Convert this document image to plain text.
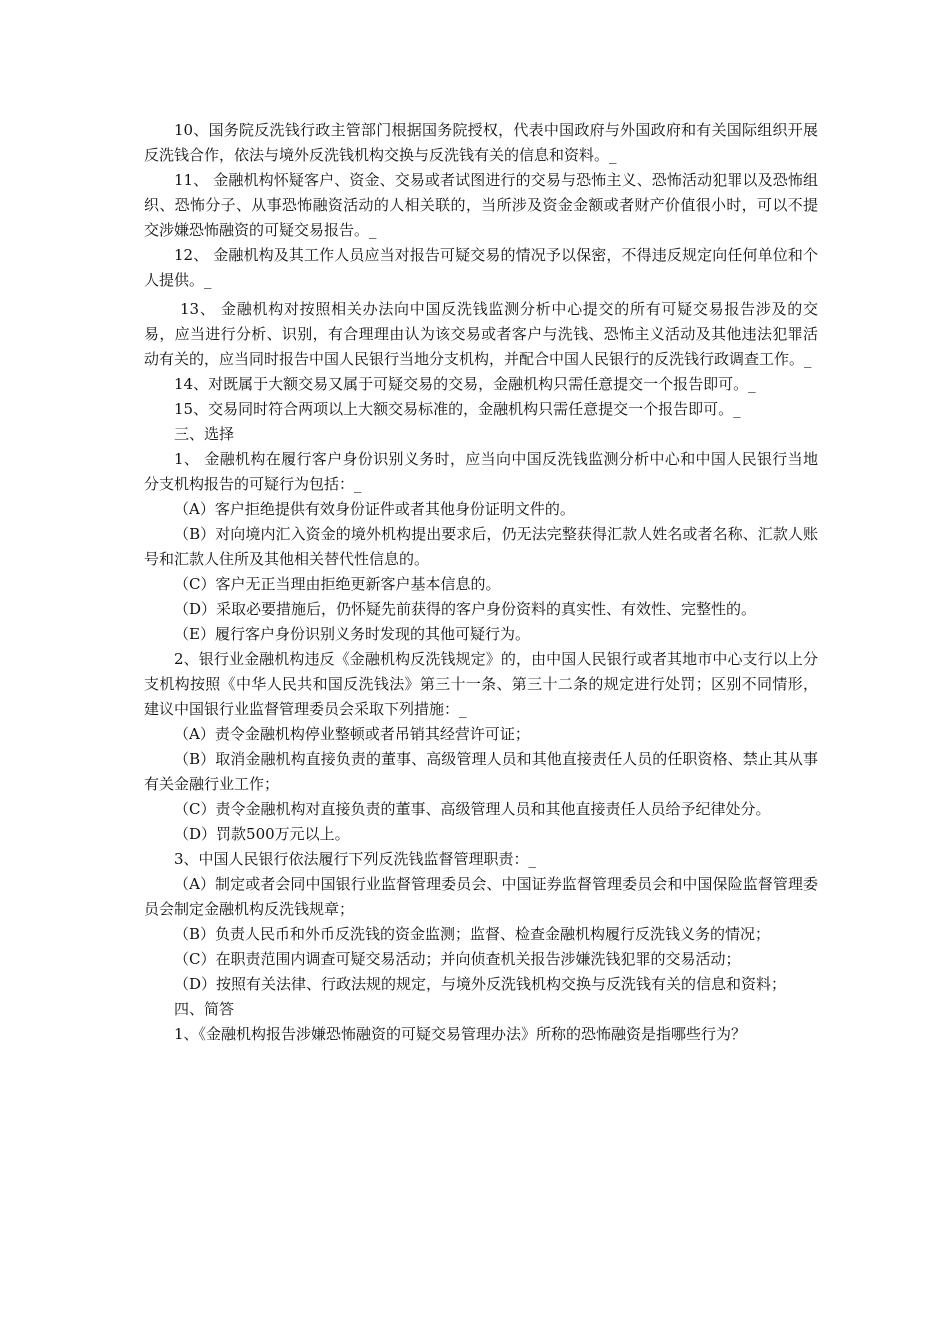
10、国务院反洗钱行政主管部门根据国务院授权，代表中国政府与外国政府和有关国际组织开展反洗钱合作，依法与境外反洗钱机构交换与反洗钱有关的信息和资料。_

11、 金融机构怀疑客户、资金、交易或者试图进行的交易与恐怖主义、恐怖活动犯罪以及恐怖组织、恐怖分子、从事恐怖融资活动的人相关联的，当所涉及资金金额或者财产价值很小时，可以不提交涉嫌恐怖融资的可疑交易报告。_

12、 金融机构及其工作人员应当对报告可疑交易的情况予以保密，不得违反规定向任何单位和个人提供。_

13、 金融机构对按照相关办法向中国反洗钱监测分析中心提交的所有可疑交易报告涉及的交易，应当进行分析、识别，有合理理由认为该交易或者客户与洗钱、恐怖主义活动及其他违法犯罪活动有关的，应当同时报告中国人民银行当地分支机构，并配合中国人民银行的反洗钱行政调查工作。_

14、对既属于大额交易又属于可疑交易的交易，金融机构只需任意提交一个报告即可。_

15、交易同时符合两项以上大额交易标准的，金融机构只需任意提交一个报告即可。_

三、选择

1、 金融机构在履行客户身份识别义务时，应当向中国反洗钱监测分析中心和中国人民银行当地分支机构报告的可疑行为包括：_

（A）客户拒绝提供有效身份证件或者其他身份证明文件的。

（B）对向境内汇入资金的境外机构提出要求后，仍无法完整获得汇款人姓名或者名称、汇款人账号和汇款人住所及其他相关替代性信息的。

（C）客户无正当理由拒绝更新客户基本信息的。

（D）采取必要措施后，仍怀疑先前获得的客户身份资料的真实性、有效性、完整性的。

（E）履行客户身份识别义务时发现的其他可疑行为。

2、银行业金融机构违反《金融机构反洗钱规定》的，由中国人民银行或者其地市中心支行以上分支机构按照《中华人民共和国反洗钱法》第三十一条、第三十二条的规定进行处罚；区别不同情形，建议中国银行业监督管理委员会采取下列措施：_

（A）责令金融机构停业整顿或者吊销其经营许可证；

（B）取消金融机构直接负责的董事、高级管理人员和其他直接责任人员的任职资格、禁止其从事有关金融行业工作；

（C）责令金融机构对直接负责的董事、高级管理人员和其他直接责任人员给予纪律处分。

（D）罚款500万元以上。

3、中国人民银行依法履行下列反洗钱监督管理职责：_

（A）制定或者会同中国银行业监督管理委员会、中国证券监督管理委员会和中国保险监督管理委员会制定金融机构反洗钱规章；

（B）负责人民币和外币反洗钱的资金监测；监督、检查金融机构履行反洗钱义务的情况；

（C）在职责范围内调查可疑交易活动；并向侦查机关报告涉嫌洗钱犯罪的交易活动；

（D）按照有关法律、行政法规的规定，与境外反洗钱机构交换与反洗钱有关的信息和资料；

四、简答

1、《金融机构报告涉嫌恐怖融资的可疑交易管理办法》所称的恐怖融资是指哪些行为？
